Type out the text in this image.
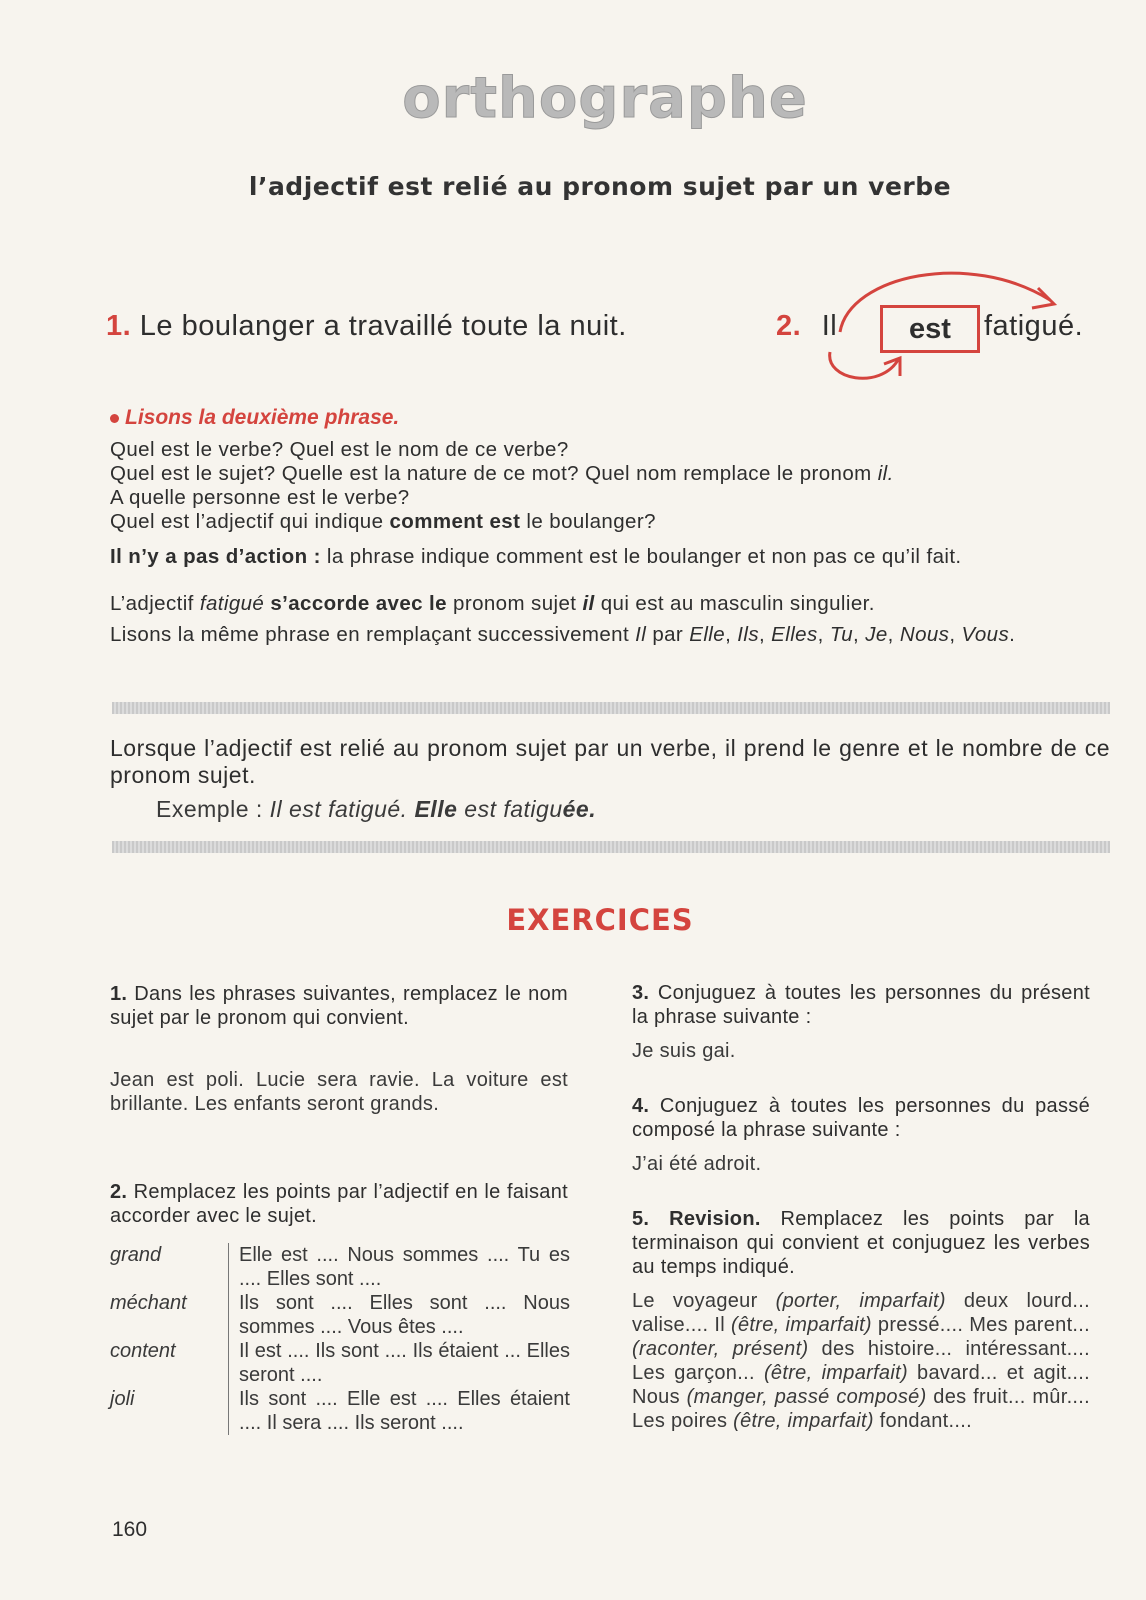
orthographe
l’adjectif est relié au pronom sujet par un verbe
1. Le boulanger a travaillé toute la nuit.	2. Il	est	fatigué.
Lisons la deuxième phrase.
Quel est le verbe? Quel est le nom de ce verbe?
Quel est le sujet? Quelle est la nature de ce mot? Quel nom remplace le pronom il.
A quelle personne est le verbe?
Quel est l’adjectif qui indique comment est le boulanger?
Il n’y a pas d’action : la phrase indique comment est le boulanger et non pas ce qu’il fait.
L’adjectif fatigué s’accorde avec le pronom sujet il qui est au masculin singulier.
Lisons la même phrase en remplaçant successivement Il par Elle, Ils, Elles, Tu, Je, Nous, Vous.
Lorsque l’adjectif est relié au pronom sujet par un verbe, il prend le genre et le nombre de ce pronom sujet.
Exemple : Il est fatigué. Elle est fatiguée.
EXERCICES

1. Dans les phrases suivantes, remplacez le nom sujet par le pronom qui convient.

Jean est poli. Lucie sera ravie. La voiture est brillante. Les enfants seront grands.

2. Remplacez les points par l’adjectif en le faisant accorder avec le sujet.

grand	Elle est .... Nous sommes .... Tu es .... Elles sont ....
méchant	Ils sont .... Elles sont .... Nous sommes .... Vous êtes ....
content	Il est .... Ils sont .... Ils étaient ... Elles seront ....
joli	Ils sont .... Elle est .... Elles étaient .... Il sera .... Ils seront ....

3. Conjuguez à toutes les personnes du présent la phrase suivante :

Je suis gai.

4. Conjuguez à toutes les personnes du passé composé la phrase suivante :

J’ai été adroit.

5. Revision. Remplacez les points par la terminaison qui convient et conjuguez les verbes au temps indiqué.

Le voyageur (porter, imparfait) deux lourd... valise.... Il (être, imparfait) pressé.... Mes parent... (raconter, présent) des histoire... intéressant.... Les garçon... (être, imparfait) bavard... et agit.... Nous (manger, passé composé) des fruit... mûr.... Les poires (être, imparfait) fondant....

160
